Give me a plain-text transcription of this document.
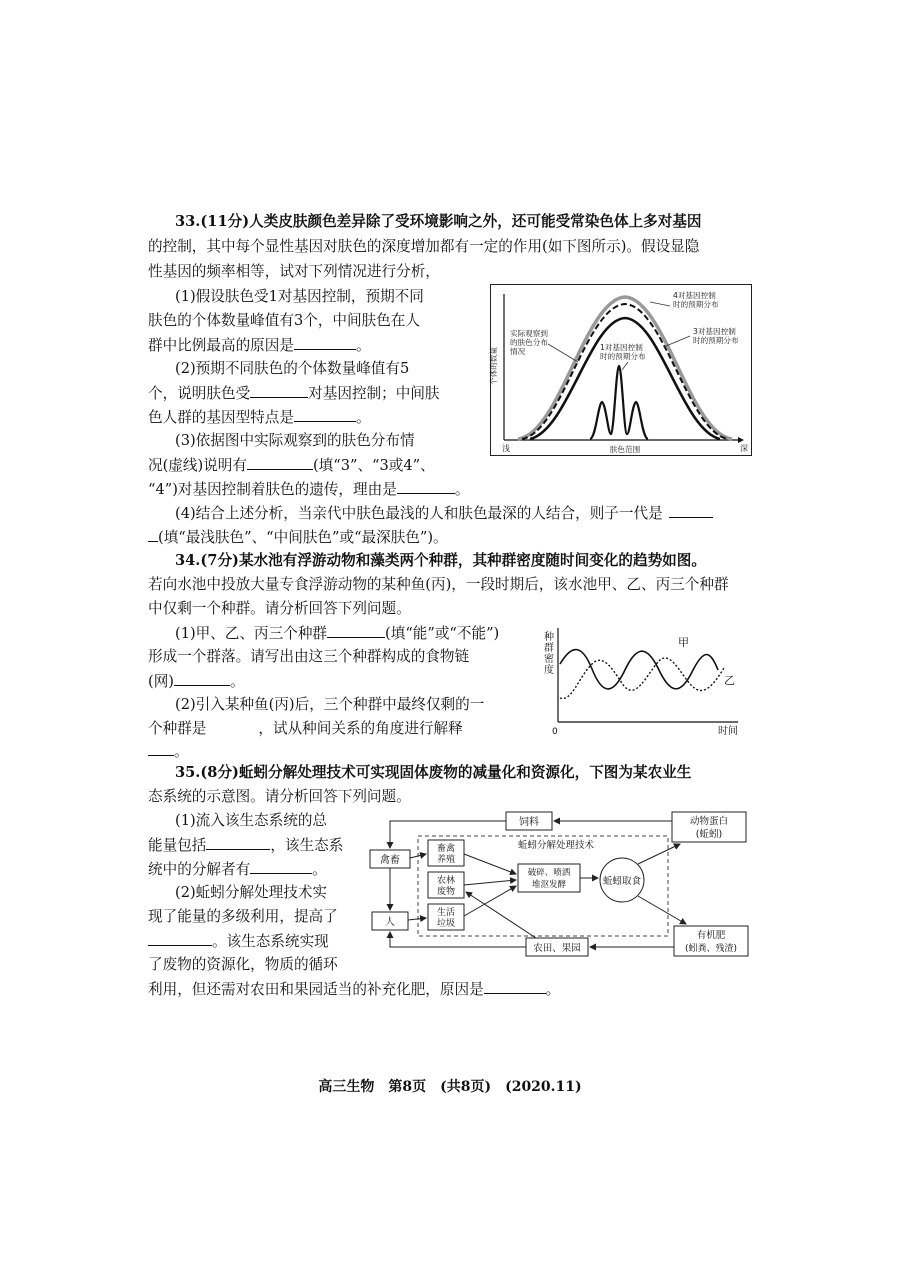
33.(11分)人类皮肤颜色差异除了受环境影响之外，还可能受常染色体上多对基因
的控制，其中每个显性基因对肤色的深度增加都有一定的作用(如下图所示)。假设显隐
性基因的频率相等，试对下列情况进行分析，
(1)假设肤色受1对基因控制，预期不同
肤色的个体数量峰值有3个，中间肤色在人
群中比例最高的原因是	。
(2)预期不同肤色的个体数量峰值有5
个，说明肤色受	对基因控制；中间肤
色人群的基因型特点是	。
(3)依据图中实际观察到的肤色分布情
况(虚线)说明有	(填“3”、“3或4”、
“4”)对基因控制着肤色的遗传，理由是	。
(4)结合上述分析，当亲代中肤色最浅的人和肤色最深的人结合，则子一代是
(填“最浅肤色”、“中间肤色”或“最深肤色”)。
4对基因控制
时的预期分布
实际观察到
的肤色分布
情况	1对基因控制
时的预期分布
3对基因控制
时的预期分布
个体的数量
浅	深
肤色范围
34.(7分)某水池有浮游动物和藻类两个种群，其种群密度随时间变化的趋势如图。
若向水池中投放大量专食浮游动物的某种鱼(丙)，一段时期后，该水池甲、乙、丙三个种群
中仅剩一个种群。请分析回答下列问题。
(1)甲、乙、丙三个种群	(填“能”或“不能”)
形成一个群落。请写出由这三个种群构成的食物链
(网)	。
(2)引入某种鱼(丙)后，三个种群中最终仅剩的一
个种群是	，试从种间关系的角度进行解释
。
种
群
密
度
0	时间
甲
乙
35.(8分)蚯蚓分解处理技术可实现固体废物的减量化和资源化，下图为某农业生
态系统的示意图。请分析回答下列问题。
(1)流入该生态系统的总
能量包括	，该生态系
统中的分解者有	。
(2)蚯蚓分解处理技术实
现了能量的多级利用，提高了
。该生态系统实现
了废物的资源化，物质的循环
利用，但还需对农田和果园适当的补充化肥，原因是	。
蚯蚓分解处理技术
饲料	动物蛋白
(蚯蚓)
禽畜
人
畜禽
养殖
农林
废物
生活
垃圾
破碎、喷洒
堆沤发酵	蚯蚓取食
有机肥
(蚓粪、残渣)
农田、果园
高三生物　第8页　(共8页)　(2020.11)
